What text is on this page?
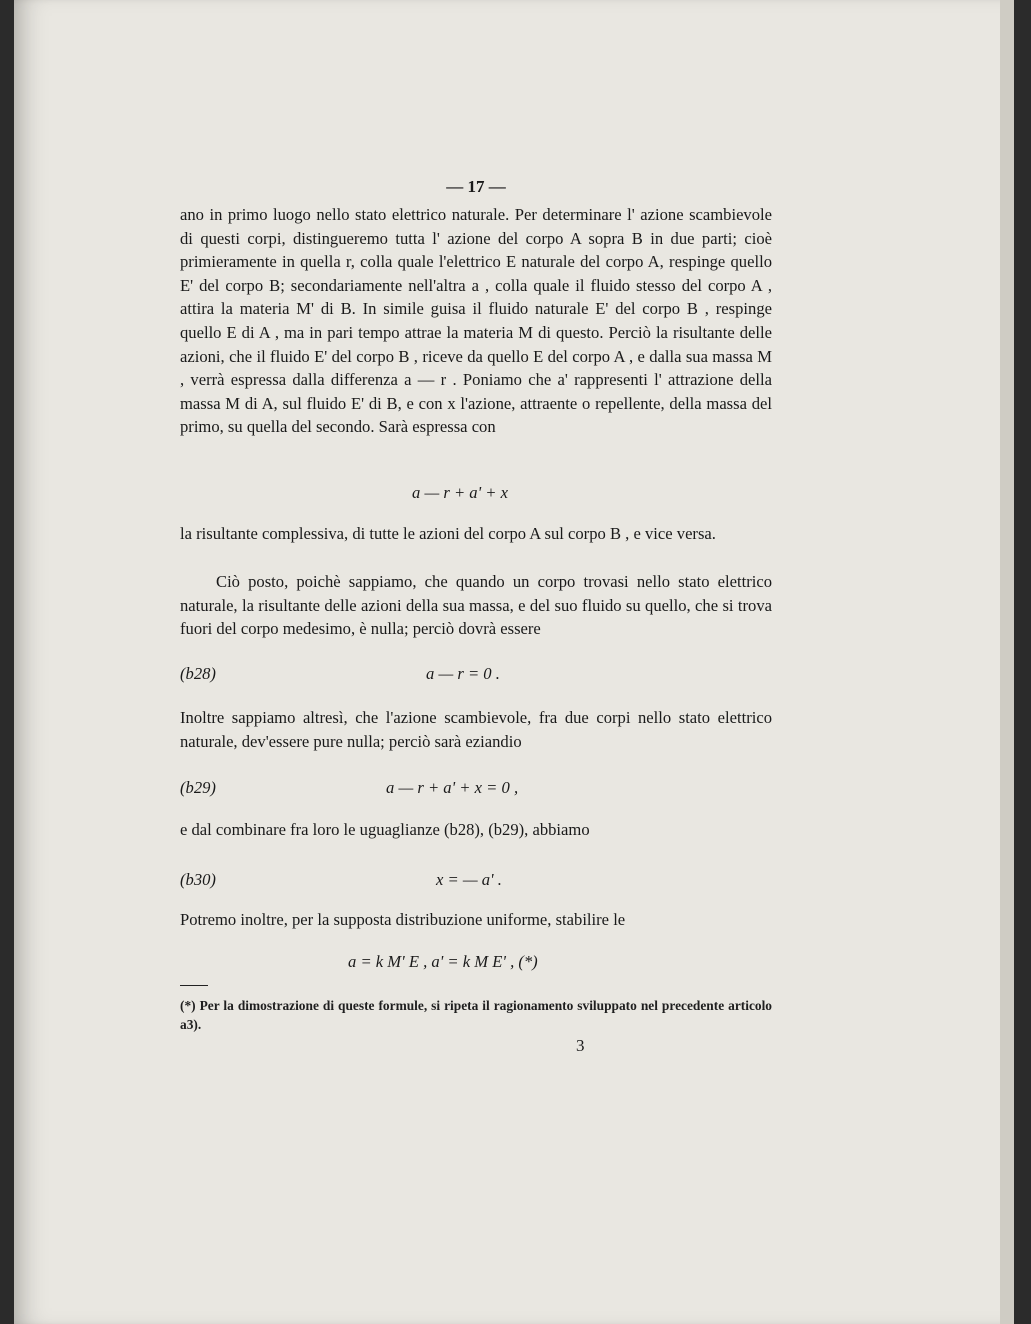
— 17 —
ano in primo luogo nello stato elettrico naturale. Per determinare l' azione scambievole di questi corpi, distingueremo tutta l' azione del corpo A sopra B in due parti; cioè primieramente in quella r, colla quale l'elettrico E naturale del corpo A, respinge quello E' del corpo B; secondariamente nell'altra a , colla quale il fluido stesso del corpo A , attira la materia M' di B. In simile guisa il fluido naturale E' del corpo B , respinge quello E di A , ma in pari tempo attrae la materia M di questo. Perciò la risultante delle azioni, che il fluido E' del corpo B , riceve da quello E del corpo A , e dalla sua massa M , verrà espressa dalla differenza a — r . Poniamo che a' rappresenti l' attrazione della massa M di A, sul fluido E' di B, e con x l'azione, attraente o repellente, della massa del primo, su quella del secondo. Sarà espressa con
a — r + a' + x
la risultante complessiva, di tutte le azioni del corpo A sul corpo B , e vice versa.
Ciò posto, poichè sappiamo, che quando un corpo trovasi nello stato elettrico naturale, la risultante delle azioni della sua massa, e del suo fluido su quello, che si trova fuori del corpo medesimo, è nulla; perciò dovrà essere
(b28)	a — r = 0 .
Inoltre sappiamo altresì, che l'azione scambievole, fra due corpi nello stato elettrico naturale, dev'essere pure nulla; perciò sarà eziandio
(b29)	a — r + a' + x = 0 ,
e dal combinare fra loro le uguaglianze (b28), (b29), abbiamo
(b30)	x = — a' .
Potremo inoltre, per la supposta distribuzione uniforme, stabilire le
a = k M' E , a' = k M E' , (*)
(*) Per la dimostrazione di queste formule, si ripeta il ragionamento sviluppato nel precedente articolo a3).
3
